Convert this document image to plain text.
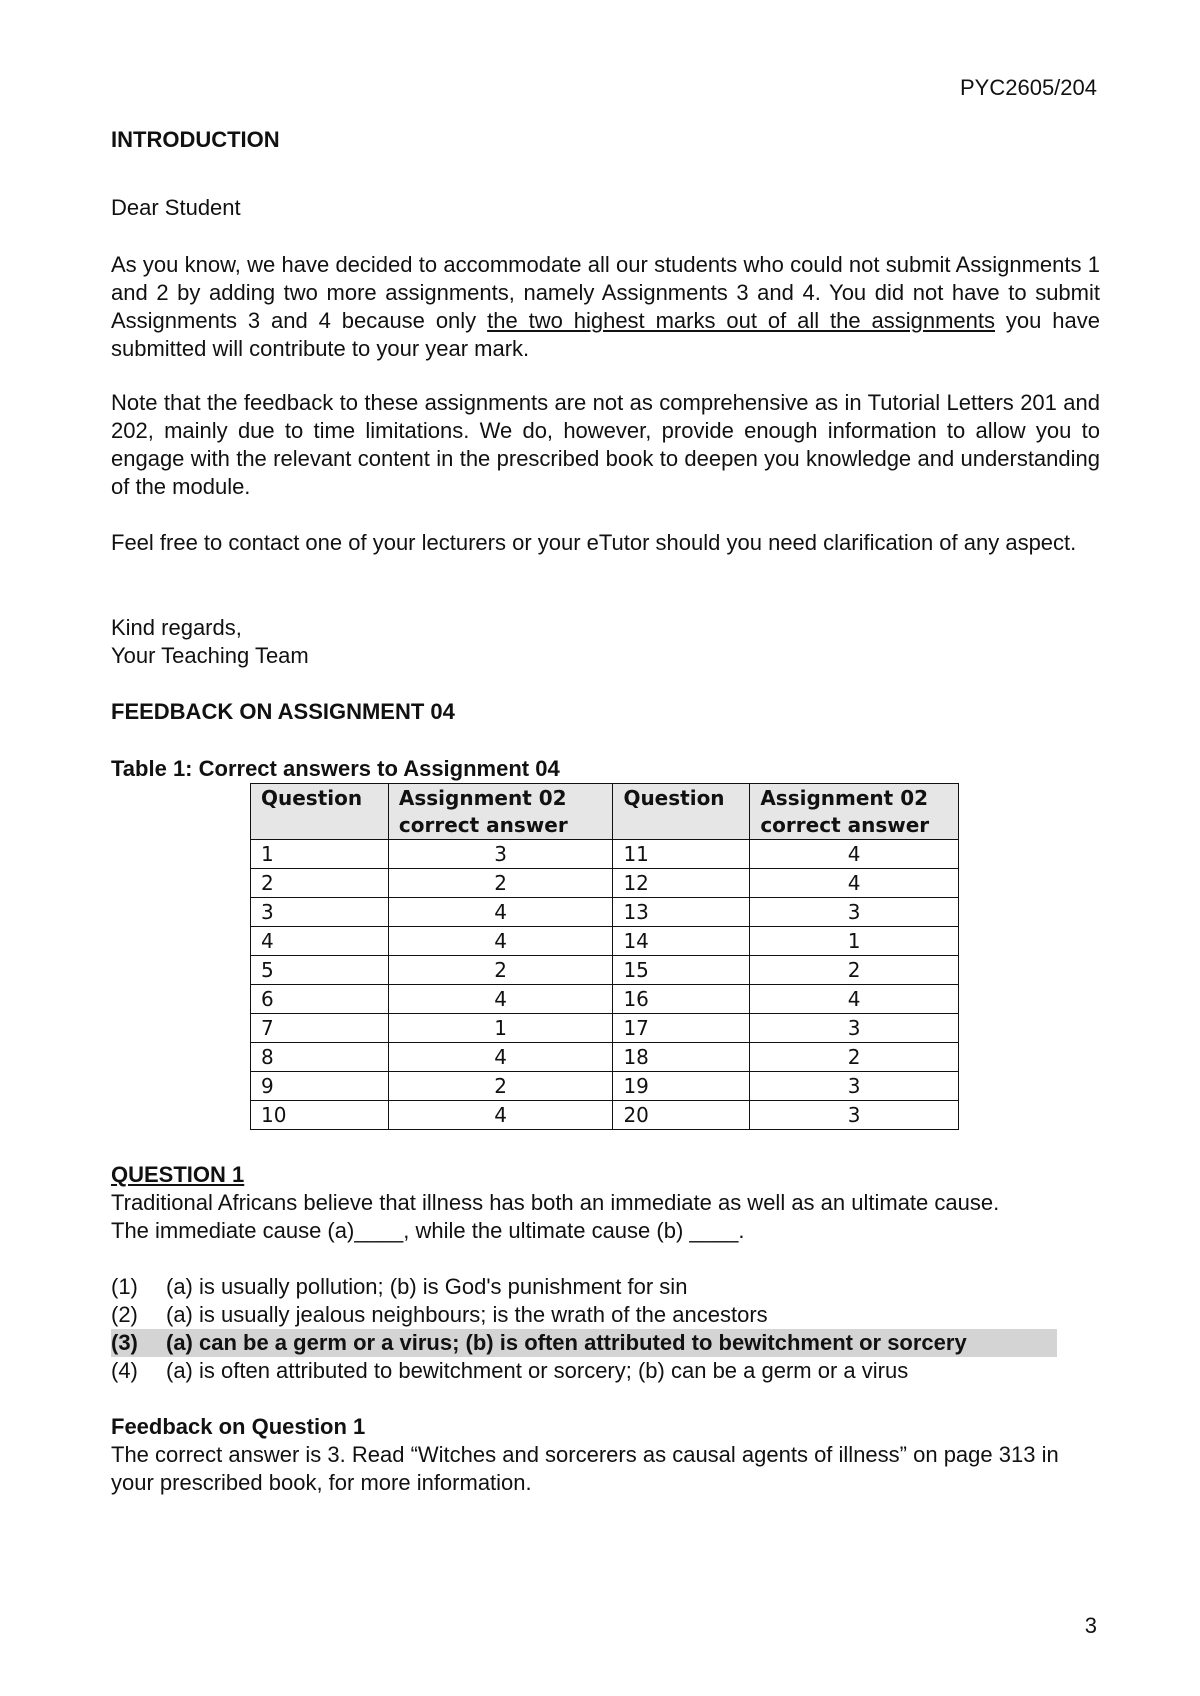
PYC2605/204
INTRODUCTION
Dear Student
As you know, we have decided to accommodate all our students who could not submit Assignments 1 and 2 by adding two more assignments, namely Assignments 3 and 4. You did not have to submit Assignments 3 and 4 because only the two highest marks out of all the assignments you have submitted will contribute to your year mark.
Note that the feedback to these assignments are not as comprehensive as in Tutorial Letters 201 and 202, mainly due to time limitations. We do, however, provide enough information to allow you to engage with the relevant content in the prescribed book to deepen you knowledge and understanding of the module.
Feel free to contact one of your lecturers or your eTutor should you need clarification of any aspect.
Kind regards,
Your Teaching Team
FEEDBACK ON ASSIGNMENT 04
Table 1: Correct answers to Assignment 04
Question	Assignment 02 correct answer	Question	Assignment 02 correct answer
1	3	11	4
2	2	12	4
3	4	13	3
4	4	14	1
5	2	15	2
6	4	16	4
7	1	17	3
8	4	18	2
9	2	19	3
10	4	20	3
QUESTION 1
Traditional Africans believe that illness has both an immediate as well as an ultimate cause.
The immediate cause (a)____, while the ultimate cause (b) ____.
(1) (a) is usually pollution; (b) is God's punishment for sin
(2) (a) is usually jealous neighbours; is the wrath of the ancestors
(3) (a) can be a germ or a virus; (b) is often attributed to bewitchment or sorcery
(4) (a) is often attributed to bewitchment or sorcery; (b) can be a germ or a virus
Feedback on Question 1
The correct answer is 3. Read “Witches and sorcerers as causal agents of illness” on page 313 in your prescribed book, for more information.
3
